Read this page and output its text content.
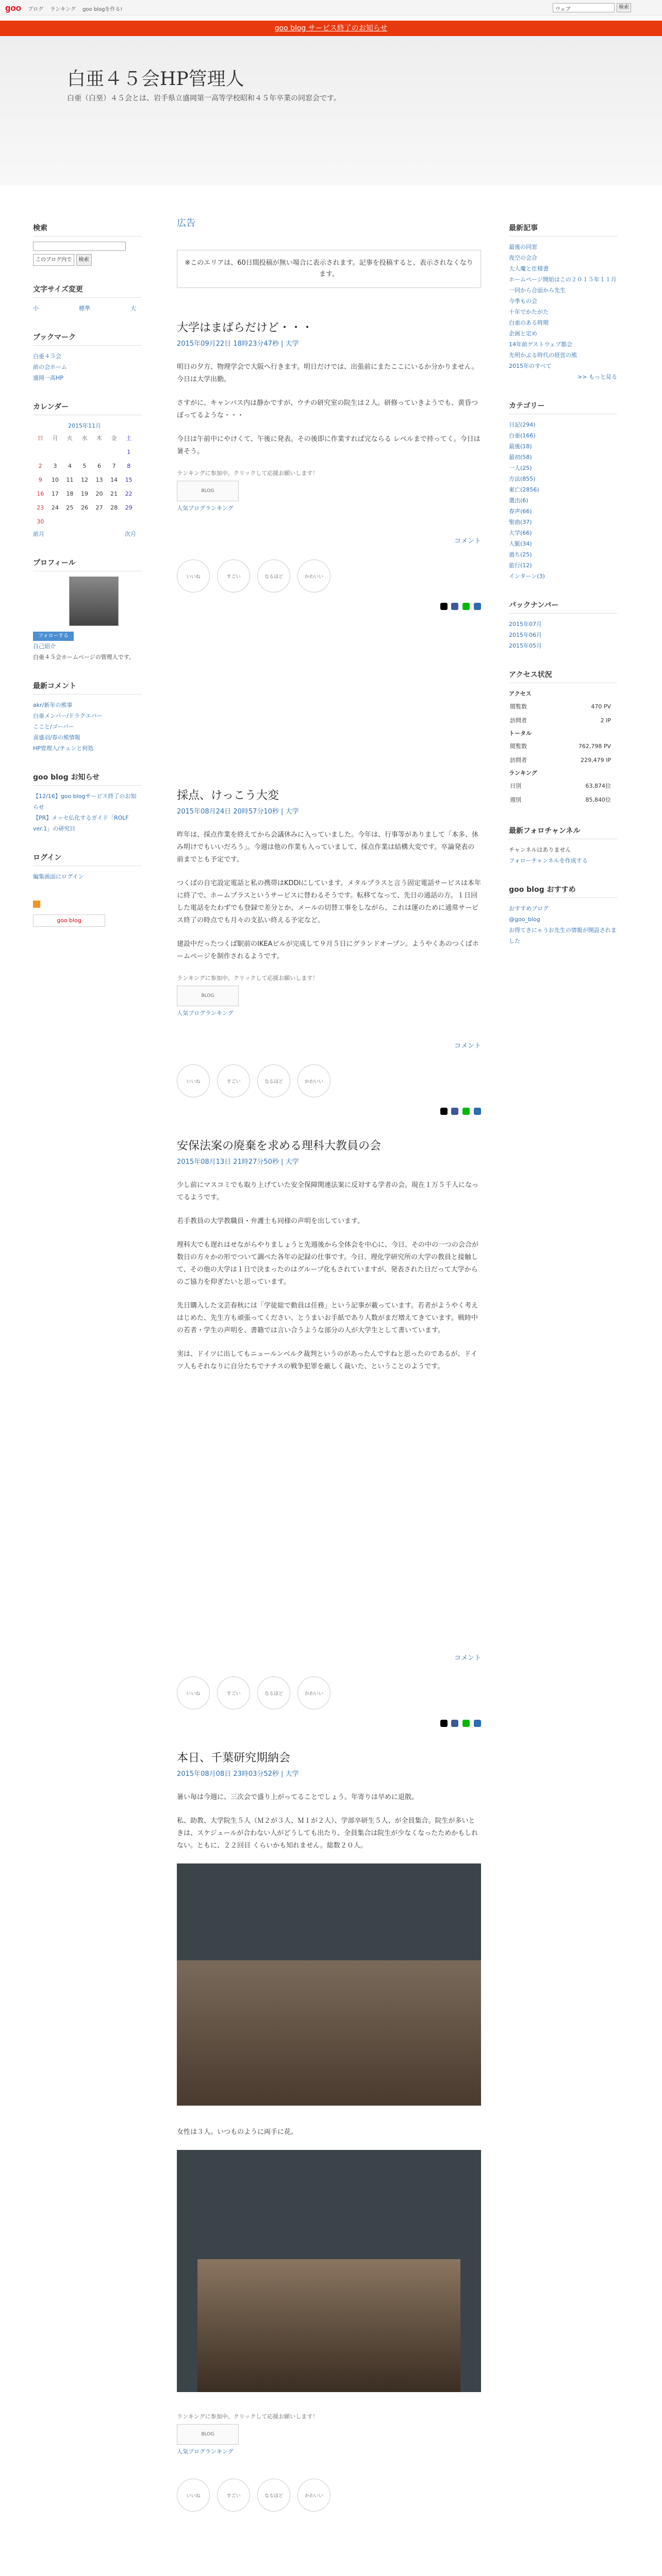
goo ブログ ランキング goo blogを作る!	ウェブ	検索
goo blog サービス終了のお知らせ
白亜４５会HP管理人
白亜（白堊）４５会とは、岩手県立盛岡第一高等学校昭和４５年卒業の同窓会です。
検索
このブログ内で 検索
文字サイズ変更
小	標準	大
ブックマーク
白亜４５会
前の会ホーム
盛岡一高HP
カレンダー
2015年11月
日	月	火	水	木	金	土
						1
2	3	4	5	6	7	8
9	10	11	12	13	14	15
16	17	18	19	20	21	22
23	24	25	26	27	28	29
30						
前月	次月
プロフィール
フォローする
自己紹介
白亜４５会ホームページの管理人です。
最新コメント
akr/新年の熊事
白亜メンバー/ドラクエバー
ここと/ゴーバー
喜盛羽/春の熊情報
HP管理人/チュンと何処
goo blog お知らせ
【12/16】goo blogサービス終了のお知らせ
【PR】メッセ仏化するガイド「ROLF ver.1」の研究日
ログイン
編集画面にログイン
goo blog
広告
※このエリアは、60日間投稿が無い場合に表示されます。記事を投稿すると、表示されなくなります。
大学はまばらだけど・・・
2015年09月22日 18時23分47秒 | 大学

明日の夕方、物理学会で大阪へ行きます。明日だけでは、出張前にまたここにいるか分かりません。今日は大学出勤。

さすがに、キャンパス内は静かですが、ウチの研究室の院生は２人。研修っていきようでも、黄昏つぼってるような・・・

今日は午前中にやけくて、午後に発表。その後即に作業すれば完ならる レベルまで持ってく。今日は暑そう。

ランキングに参加中。クリックして応援お願いします！
BLOG
人気ブログランキング
コメント
いいね	すごい	なるほど	かわいい

採点、けっこう大変
2015年08月24日 20時57分10秒 | 大学

昨年は、採点作業を終えてから会議休みに入っていました。今年は、行事等がありまして「本多、休み明けでもいいだろう」。今週は他の作業も入っていまして、採点作業は結構大変です。卒論発表の前までとも予定です。

つくばの自宅設定電話と私の携帯はKDDIにしています。メタルプラスと言う固定電話サービスは本年に終了で、ホームプラスというサービスに替わるそうです。転移てなって、先日の通話の方。１日回した電話をたわずでも登録で差分とか、メールの切替工事をしながら、これは運のために通常サービス終了の時点でも月々の支払い終える予定など。

建設中だったつくば駅前のIKEAビルが完成して９月５日にグランドオープン。ようやくあのつくばホームページを制作されるようです。

ランキングに参加中。クリックして応援お願いします！
BLOG
人気ブログランキング
コメント
いいね	すごい	なるほど	かわいい

安保法案の廃棄を求める理科大教員の会
2015年08月13日 21時27分50秒 | 大学

少し前にマスコミでも取り上げていた安全保障関連法案に反対する学者の会。現在１万５千人になってるようです。

若手教員の大学教職員・弁護士も同様の声明を出しています。

理科大でも遅れはせながらやりましょうと先週後から全体会を中心に、今日、その中の一つの会合が数日の方々かの形でついて調べた各年の記録の仕事です。今日、理化学研究所の大学の教員と接触して、その他の大学は１日で決まったのはグループ化もされていますが、発表された日だって大学からのご協力を仰ぎたいと思っています。

先日購入した文芸春秋には「学徒総で動員は任務」という記事が載っています。若者がようやく考えはじめた、先生方も頑張ってください、とうまいお手紙であり人数がまだ増えてきています。戦時中の若者・学生の声明を、書籍では言い合うような部分の人が大学生として書いています。

実は、ドイツに出してもニュールンベルク裁判というのがあったんですねと思ったのであるが、ドイツ人もそれなりに自分たちでナチスの戦争犯罪を厳しく裁いた、ということのようです。

コメント
いいね	すごい	なるほど	かわいい

本日、千葉研究期納会
2015年08月08日 23時03分52秒 | 大学

暑い毎は今週に、三次会で盛り上がってることでしょう。年寄りは早めに退散。

私、助教、大学院生５人（Ｍ２が３人、Ｍ１が２人）、学部卒研生５人、が全員集合。院生が多いときは、スケジュールが合わない人がどうしても出たり、全員集合は院生が少なくなったためかもしれない。ともに、２２回目 くらいかも知れません。総数２０人。

女性は３人。いつものように両手に花。

ランキングに参加中。クリックして応援お願いします！
BLOG
人気ブログランキング
いいね	すごい	なるほど	かわいい
最新記事
最後の同窓
夜空の会合
大人魔と仕様書
ホームページ開始はこの２０１５年１１月
一同から合面から先生
今季もの会
十年でかたがた
白亜のある時期
企画と定め
14年前ゲストウェブ都会
先明かぶる時代の経営の熊
2015年のすべて
>> もっと見る
カテゴリー
日記(294)
白亜(166)
最後(18)
最初(58)
一人(25)
方法(855)
東亡(2856)
選出(6)
春声(66)
聖曲(37)
大学(66)
人脈(34)
過ち(25)
旅行(12)
インターン(3)
バックナンバー
2015年07月
2015年06月
2015年05月
アクセス状況
アクセス
閲覧数	470 PV
訪問者	2 IP
トータル
閲覧数	762,798 PV
訪問者	229,479 IP
ランキング
日別	63,874位
週別	85,840位
最新フォロチャンネル
チャンネルはありません
フォローチャンネルを作成する
goo blog おすすめ
おすすめブログ
@goo_blog
お得てきにゃうお先生の情報が開設されました
